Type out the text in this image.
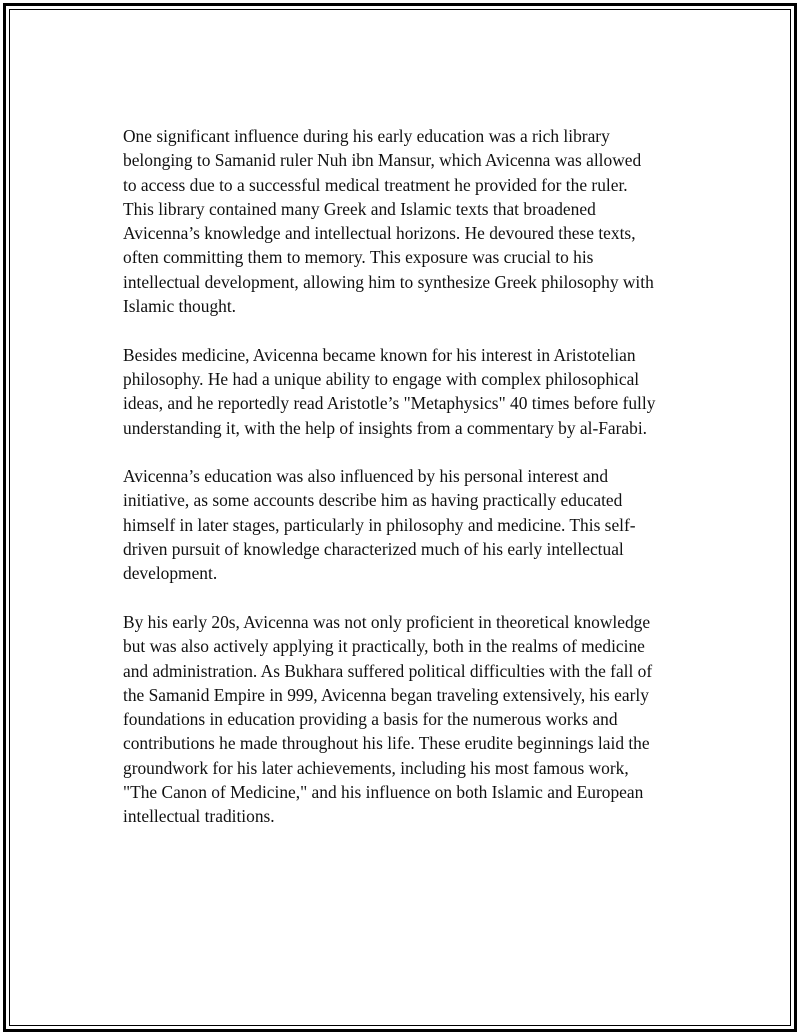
One significant influence during his early education was a rich library
belonging to Samanid ruler Nuh ibn Mansur, which Avicenna was allowed
to access due to a successful medical treatment he provided for the ruler.
This library contained many Greek and Islamic texts that broadened
Avicenna’s knowledge and intellectual horizons. He devoured these texts,
often committing them to memory. This exposure was crucial to his
intellectual development, allowing him to synthesize Greek philosophy with
Islamic thought.

Besides medicine, Avicenna became known for his interest in Aristotelian
philosophy. He had a unique ability to engage with complex philosophical
ideas, and he reportedly read Aristotle’s "Metaphysics" 40 times before fully
understanding it, with the help of insights from a commentary by al-Farabi.

Avicenna’s education was also influenced by his personal interest and
initiative, as some accounts describe him as having practically educated
himself in later stages, particularly in philosophy and medicine. This self-
driven pursuit of knowledge characterized much of his early intellectual
development.

By his early 20s, Avicenna was not only proficient in theoretical knowledge
but was also actively applying it practically, both in the realms of medicine
and administration. As Bukhara suffered political difficulties with the fall of
the Samanid Empire in 999, Avicenna began traveling extensively, his early
foundations in education providing a basis for the numerous works and
contributions he made throughout his life. These erudite beginnings laid the
groundwork for his later achievements, including his most famous work,
"The Canon of Medicine," and his influence on both Islamic and European
intellectual traditions.
